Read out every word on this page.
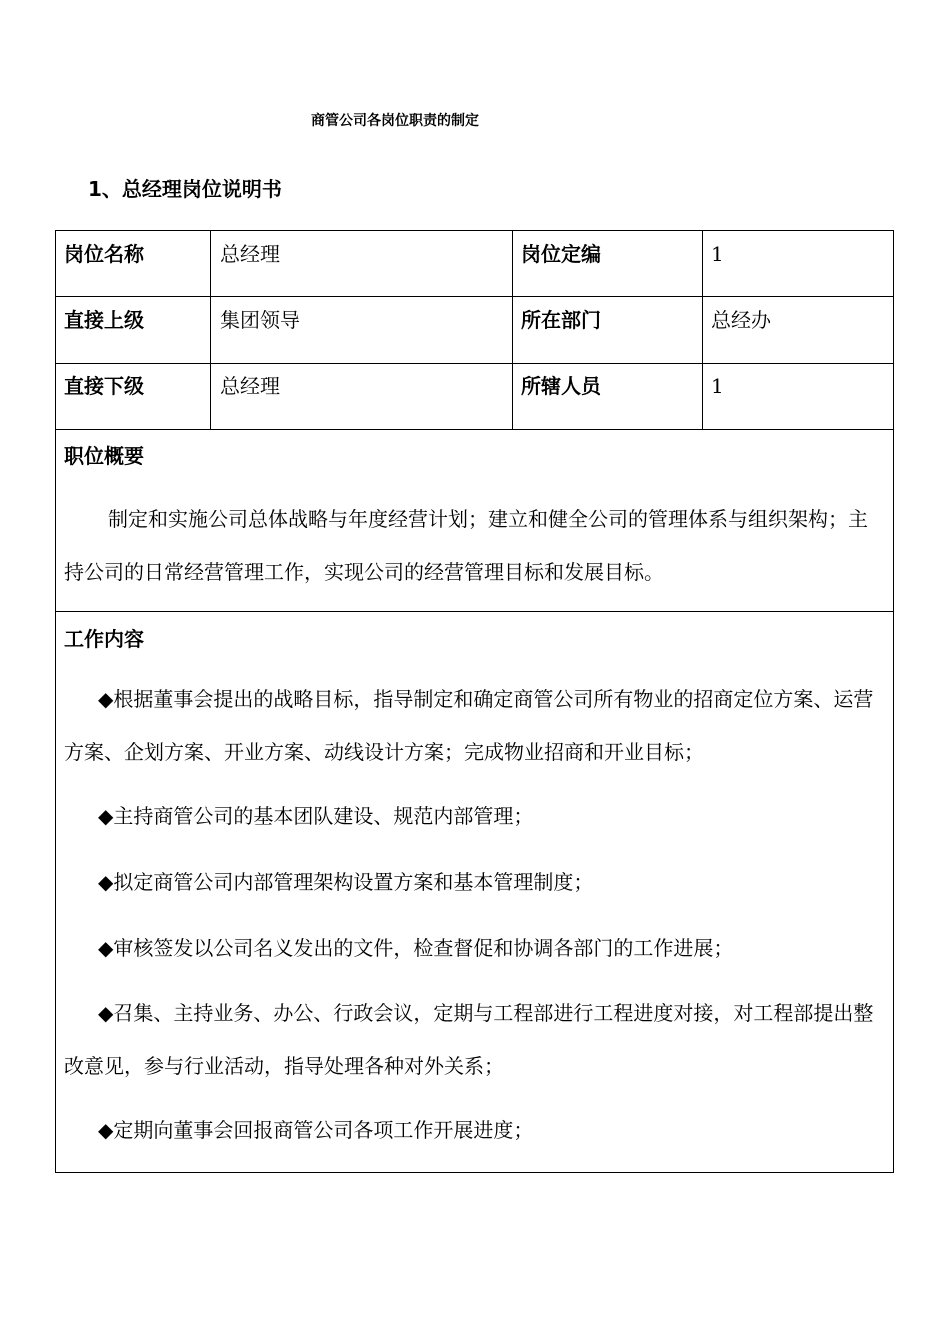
商管公司各岗位职责的制定
1、总经理岗位说明书
岗位名称	总经理	岗位定编	1
直接上级	集团领导	所在部门	总经办
直接下级	总经理	所辖人员	1
职位概要
制定和实施公司总体战略与年度经营计划；建立和健全公司的管理体系与组织架构；主持公司的日常经营管理工作，实现公司的经营管理目标和发展目标。
工作内容
◆根据董事会提出的战略目标，指导制定和确定商管公司所有物业的招商定位方案、运营方案、企划方案、开业方案、动线设计方案；完成物业招商和开业目标；
◆主持商管公司的基本团队建设、规范内部管理；
◆拟定商管公司内部管理架构设置方案和基本管理制度；
◆审核签发以公司名义发出的文件，检查督促和协调各部门的工作进展；
◆召集、主持业务、办公、行政会议，定期与工程部进行工程进度对接，对工程部提出整改意见，参与行业活动，指导处理各种对外关系；
◆定期向董事会回报商管公司各项工作开展进度；
